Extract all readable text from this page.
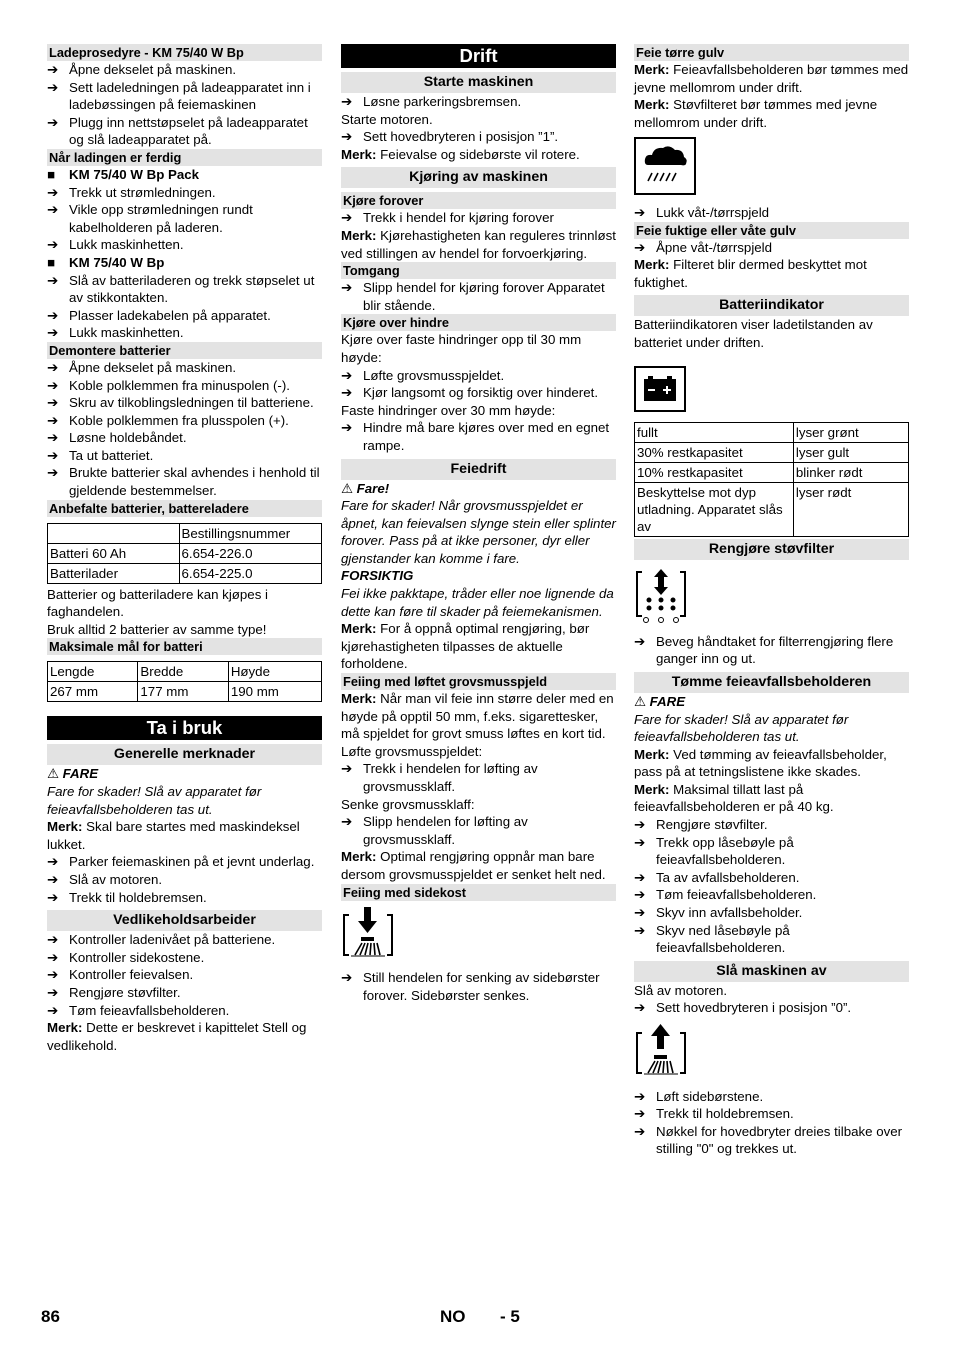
Ladeprosedyre - KM 75/40 W Bp
➔ Åpne dekselet på maskinen.
➔ Sett ladeledningen på ladeapparatet inn i ladebøssingen på feiemaskinen
➔ Plugg inn nettstøpselet på ladeapparatet og slå ladeapparatet på.
Når ladingen er ferdig
■	KM 75/40 W Bp Pack
➔ Trekk ut strømledningen.
➔ Vikle opp strømledningen rundt kabelholderen på laderen.
➔ Lukk maskinhetten.
■	KM 75/40 W Bp
➔ Slå av batteriladeren og trekk støpselet ut av stikkontakten.
➔ Plasser ladekabelen på apparatet.
➔ Lukk maskinhetten.
Demontere batterier
➔ Åpne dekselet på maskinen.
➔ Koble polklemmen fra minuspolen (-).
➔ Skru av tilkoblingsledningen til batteriene.
➔ Koble polklemmen fra plusspolen (+).
➔ Løsne holdebåndet.
➔ Ta ut batteriet.
➔ Brukte batterier skal avhendes i henhold til gjeldende bestemmelser.
Anbefalte batterier, battereladere
	Bestillingsnummer
Batteri 60 Ah	6.654-226.0
Batterilader	6.654-225.0
Batterier og batteriladere kan kjøpes i faghandelen.
Bruk alltid 2 batterier av samme type!
Maksimale mål for batteri
Lengde	Bredde	Høyde
267 mm	177 mm	190 mm
Ta i bruk
Generelle merknader
⚠ FARE
Fare for skader! Slå av apparatet før feieavfallsbeholderen tas ut.
Merk: Skal bare startes med maskindeksel lukket.
➔ Parker feiemaskinen på et jevnt underlag.
➔ Slå av motoren.
➔ Trekk til holdebremsen.
Vedlikeholdsarbeider
➔ Kontroller ladenivået på batteriene.
➔ Kontroller sidekostene.
➔ Kontroller feievalsen.
➔ Rengjøre støvfilter.
➔ Tøm feieavfallsbeholderen.
Merk: Dette er beskrevet i kapittelet Stell og vedlikehold.
Drift
Starte maskinen
➔ Løsne parkeringsbremsen.
Starte motoren.
➔ Sett hovedbryteren i posisjon ”1”.
Merk: Feievalse og sidebørste vil rotere.
Kjøring av maskinen
Kjøre forover
➔ Trekk i hendel for kjøring forover
Merk: Kjørehastigheten kan reguleres trinnløst ved stillingen av hendel for forvoerkjøring.
Tomgang
➔ Slipp hendel for kjøring forover Apparatet blir stående.
Kjøre over hindre
Kjøre over faste hindringer opp til 30 mm høyde:
➔ Løfte grovsmusspjeldet.
➔ Kjør langsomt og forsiktig over hinderet.
Faste hindringer over 30 mm høyde:
➔ Hindre må bare kjøres over med en egnet rampe.
Feiedrift
⚠ Fare!
Fare for skader! Når grovsmusspjeldet er åpnet, kan feievalsen slynge stein eller splinter forover. Pass på at ikke personer, dyr eller gjenstander kan komme i fare.
FORSIKTIG
Fei ikke pakktape, tråder eller noe lignende da dette kan føre til skader på feiemekanismen.
Merk: For å oppnå optimal rengjøring, bør kjørehastigheten tilpasses de aktuelle forholdene.
Feiing med løftet grovsmusspjeld
Merk: Når man vil feie inn større deler med en høyde på opptil 50 mm, f.eks. sigarettesker, må spjeldet for grovt smuss løftes en kort tid.
Løfte grovsmusspjeldet:
➔ Trekk i hendelen for løfting av grovsmussklaff.
Senke grovsmussklaff:
➔ Slipp hendelen for løfting av grovsmussklaff.
Merk: Optimal rengjøring oppnår man bare dersom grovsmusspjeldet er senket helt ned.
Feiing med sidekost
➔ Still hendelen for senking av sidebørster forover. Sidebørster senkes.
Feie tørre gulv
Merk: Feieavfallsbeholderen bør tømmes med jevne mellomrom under drift.
Merk: Støvfilteret bør tømmes med jevne mellomrom under drift.
➔ Lukk våt-/tørrspjeld
Feie fuktige eller våte gulv
➔ Åpne våt-/tørrspjeld
Merk: Filteret blir dermed beskyttet mot fuktighet.
Batteriindikator
Batteriindikatoren viser ladetilstanden av batteriet under driften.
fullt	lyser grønt
30% restkapasitet	lyser gult
10% restkapasitet	blinker rødt
Beskyttelse mot dyp utladning. Apparatet slås av	lyser rødt
Rengjøre støvfilter
➔ Beveg håndtaket for filterrengjøring flere ganger inn og ut.
Tømme feieavfallsbeholderen
⚠ FARE
Fare for skader! Slå av apparatet før feieavfallsbeholderen tas ut.
Merk: Ved tømming av feieavfallsbeholder, pass på at tetningslistene ikke skades.
Merk: Maksimal tillatt last på feieavfallsbeholderen er på 40 kg.
➔ Rengjøre støvfilter.
➔ Trekk opp låsebøyle på feieavfallsbeholderen.
➔ Ta av avfallsbeholderen.
➔ Tøm feieavfallsbeholderen.
➔ Skyv inn avfallsbeholder.
➔ Skyv ned låsebøyle på feieavfallsbeholderen.
Slå maskinen av
Slå av motoren.
➔ Sett hovedbryteren i posisjon ”0”.
➔ Løft sidebørstene.
➔ Trekk til holdebremsen.
➔ Nøkkel for hovedbryter dreies tilbake over stilling "0" og trekkes ut.
86	NO - 5
